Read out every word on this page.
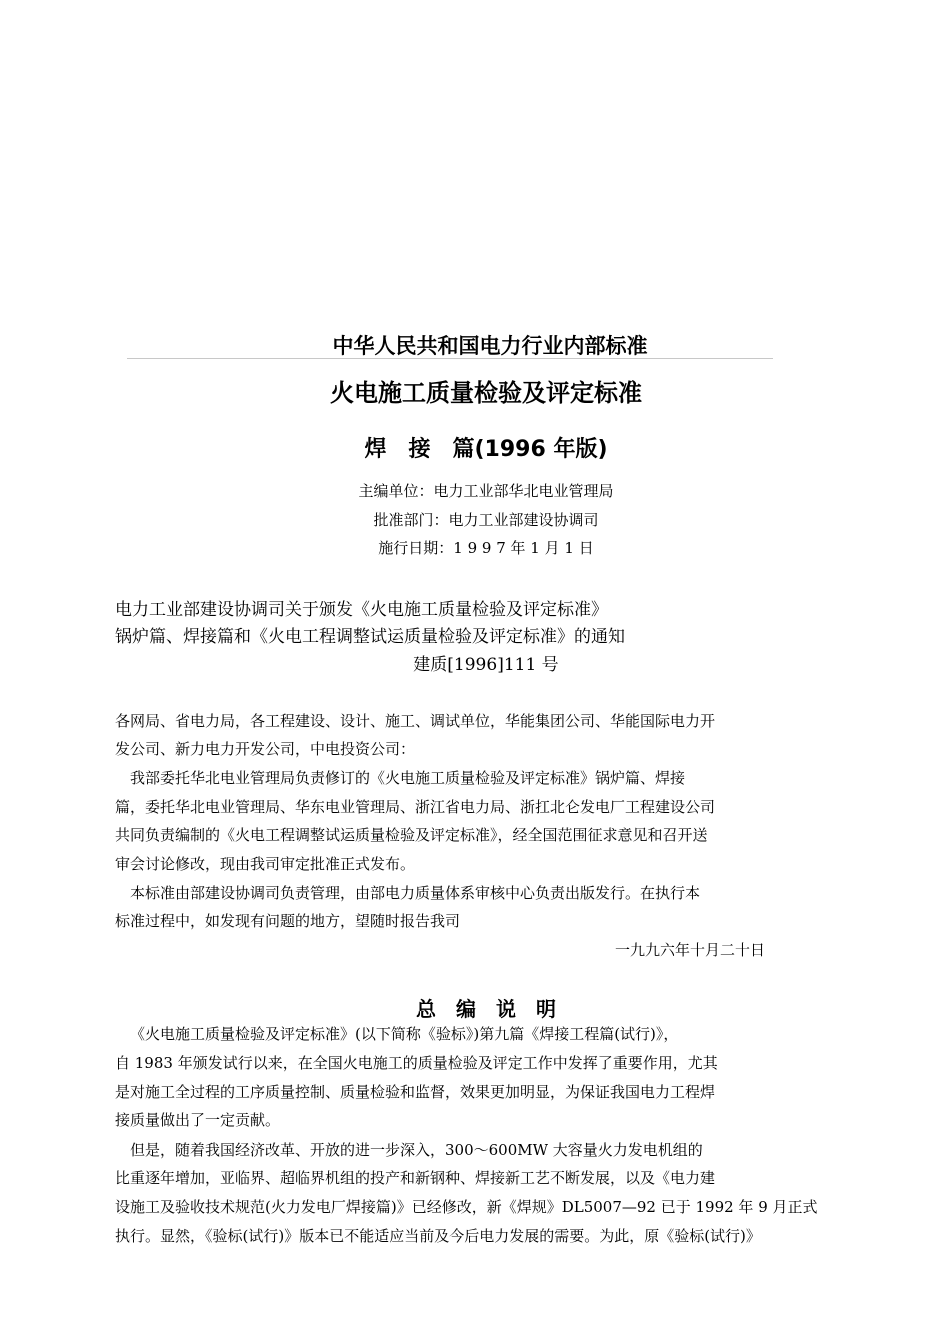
中华人民共和国电力行业内部标准
火电施工质量检验及评定标准
焊　接　篇(1996 年版)
主编单位：电力工业部华北电业管理局
批准部门：电力工业部建设协调司
施行日期：1 9 9 7 年 1 月 1 日
电力工业部建设协调司关于颁发《火电施工质量检验及评定标准》
锅炉篇、焊接篇和《火电工程调整试运质量检验及评定标准》的通知
建质[1996]111 号
各网局、省电力局，各工程建设、设计、施工、调试单位，华能集团公司、华能国际电力开
发公司、新力电力开发公司，中电投资公司：
我部委托华北电业管理局负责修订的《火电施工质量检验及评定标准》锅炉篇、焊接
篇，委托华北电业管理局、华东电业管理局、浙江省电力局、浙扛北仑发电厂工程建设公司
共同负责编制的《火电工程调整试运质量检验及评定标准》，经全国范围征求意见和召开送
审会讨论修改，现由我司审定批准正式发布。
本标准由部建设协调司负责管理，由部电力质量体系审核中心负责出版发行。在执行本
标准过程中，如发现有问题的地方，望随时报告我司
一九九六年十月二十日
总　编　说　明
《火电施工质量检验及评定标准》(以下简称《验标》)第九篇《焊接工程篇(试行)》，
自 1983 年颁发试行以来，在全国火电施工的质量检验及评定工作中发挥了重要作用，尤其
是对施工全过程的工序质量控制、质量检验和监督，效果更加明显，为保证我国电力工程焊
接质量做出了一定贡献。
但是，随着我国经济改革、开放的进一步深入，300～600MW 大容量火力发电机组的
比重逐年增加，亚临界、超临界机组的投产和新钢种、焊接新工艺不断发展，以及《电力建
设施工及验收技术规范(火力发电厂焊接篇)》已经修改，新《焊规》DL5007—92 已于 1992 年 9 月正式
执行。显然，《验标(试行)》版本已不能适应当前及今后电力发展的需要。为此，原《验标(试行)》
